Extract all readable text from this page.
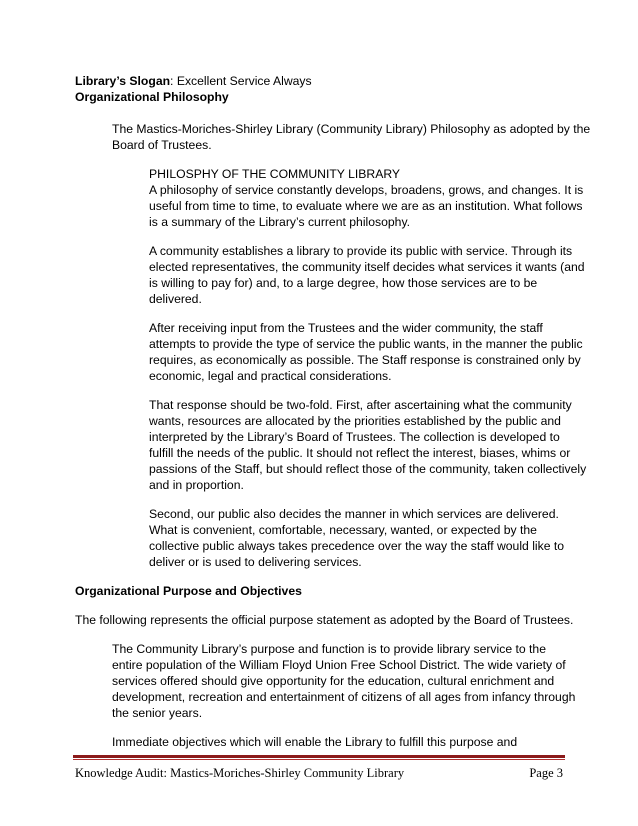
Library’s Slogan: Excellent Service Always
Organizational Philosophy
The Mastics-Moriches-Shirley Library (Community Library) Philosophy as adopted by the
Board of Trustees.
PHILOSPHY OF THE COMMUNITY LIBRARY
A philosophy of service constantly develops, broadens, grows, and changes. It is
useful from time to time, to evaluate where we are as an institution. What follows
is a summary of the Library’s current philosophy.
A community establishes a library to provide its public with service. Through its
elected representatives, the community itself decides what services it wants (and
is willing to pay for) and, to a large degree, how those services are to be
delivered.
After receiving input from the Trustees and the wider community, the staff
attempts to provide the type of service the public wants, in the manner the public
requires, as economically as possible. The Staff response is constrained only by
economic, legal and practical considerations.
That response should be two-fold. First, after ascertaining what the community
wants, resources are allocated by the priorities established by the public and
interpreted by the Library’s Board of Trustees. The collection is developed to
fulfill the needs of the public. It should not reflect the interest, biases, whims or
passions of the Staff, but should reflect those of the community, taken collectively
and in proportion.
Second, our public also decides the manner in which services are delivered.
What is convenient, comfortable, necessary, wanted, or expected by the
collective public always takes precedence over the way the staff would like to
deliver or is used to delivering services.
Organizational Purpose and Objectives
The following represents the official purpose statement as adopted by the Board of Trustees.
The Community Library’s purpose and function is to provide library service to the
entire population of the William Floyd Union Free School District. The wide variety of
services offered should give opportunity for the education, cultural enrichment and
development, recreation and entertainment of citizens of all ages from infancy through
the senior years.
Immediate objectives which will enable the Library to fulfill this purpose and
Knowledge Audit: Mastics-Moriches-Shirley Community Library	Page 3
